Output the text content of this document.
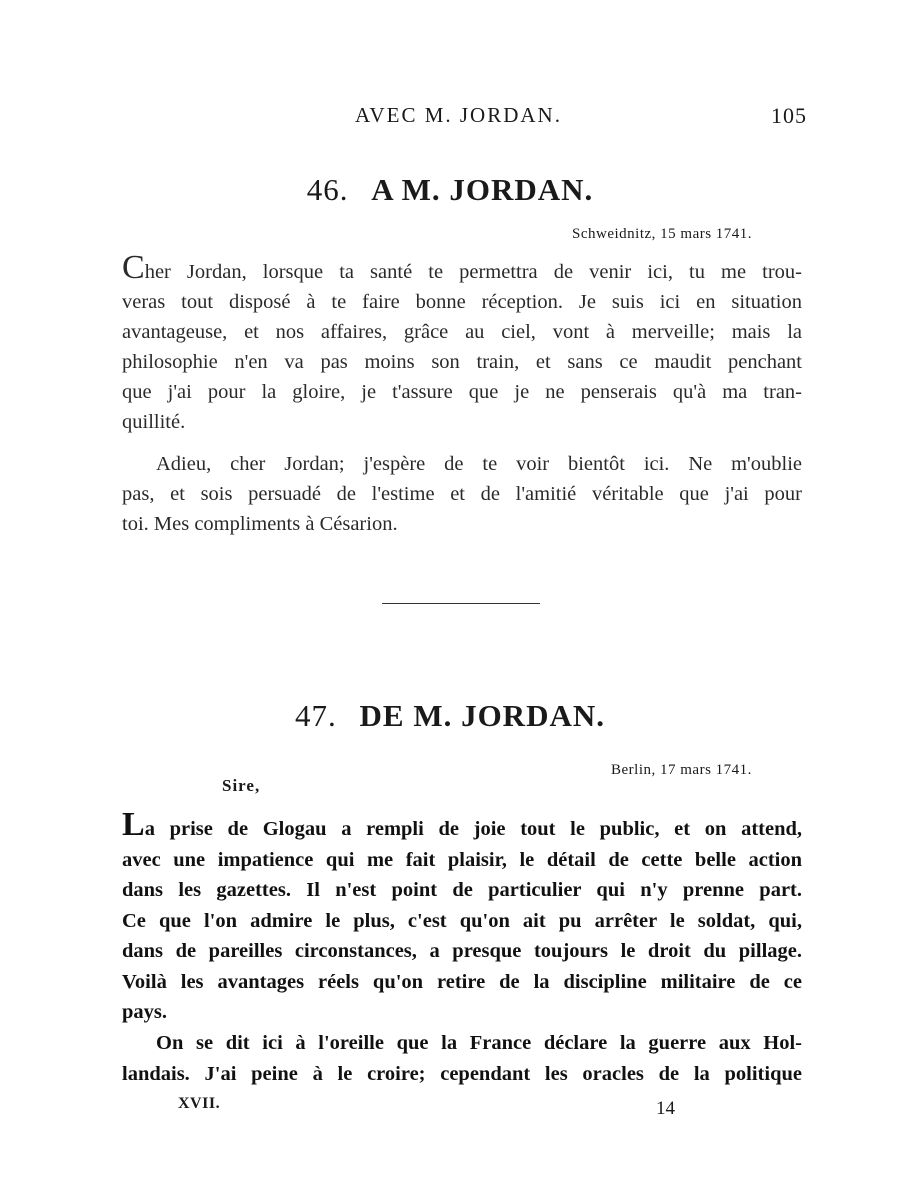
AVEC M. JORDAN.	105
46. A M. JORDAN.
Schweidnitz, 15 mars 1741.
Cher Jordan, lorsque ta santé te permettra de venir ici, tu me trou-
veras tout disposé à te faire bonne réception. Je suis ici en situation
avantageuse, et nos affaires, grâce au ciel, vont à merveille; mais la
philosophie n'en va pas moins son train, et sans ce maudit penchant
que j'ai pour la gloire, je t'assure que je ne penserais qu'à ma tran-
quillité.
Adieu, cher Jordan; j'espère de te voir bientôt ici. Ne m'oublie
pas, et sois persuadé de l'estime et de l'amitié véritable que j'ai pour
toi. Mes compliments à Césarion.
47. DE M. JORDAN.
Berlin, 17 mars 1741.
Sire,
La prise de Glogau a rempli de joie tout le public, et on attend,
avec une impatience qui me fait plaisir, le détail de cette belle action
dans les gazettes. Il n'est point de particulier qui n'y prenne part.
Ce que l'on admire le plus, c'est qu'on ait pu arrêter le soldat, qui,
dans de pareilles circonstances, a presque toujours le droit du pillage.
Voilà les avantages réels qu'on retire de la discipline militaire de ce
pays.
On se dit ici à l'oreille que la France déclare la guerre aux Hol-
landais. J'ai peine à le croire; cependant les oracles de la politique
XVII.	14
